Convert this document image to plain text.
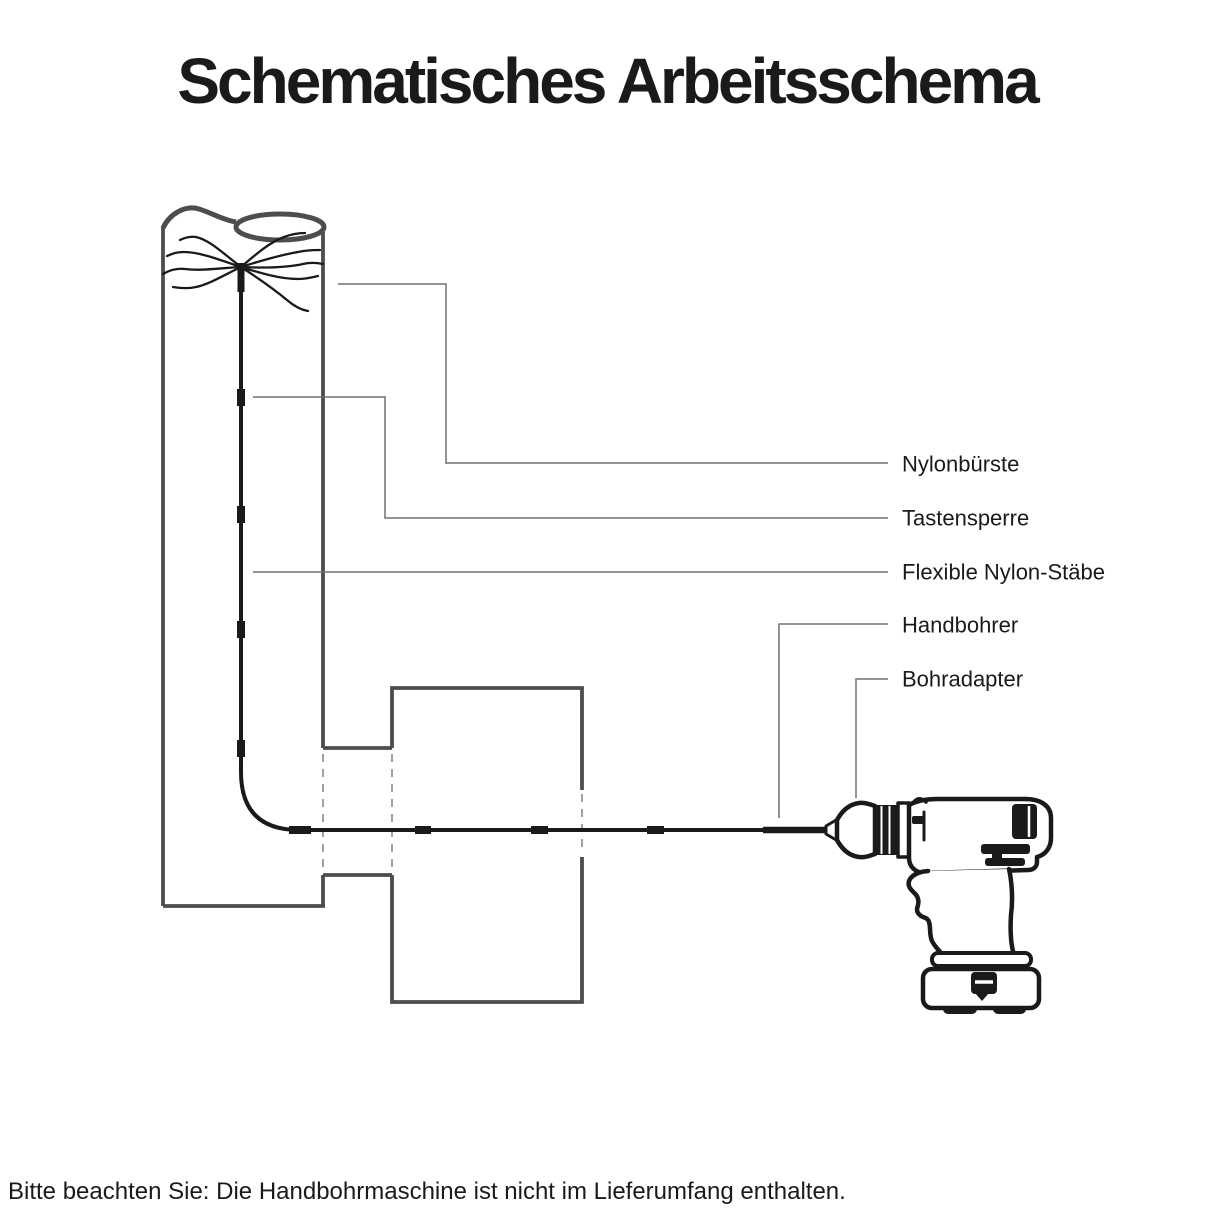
Schematisches Arbeitsschema
Nylonbürste
Tastensperre
Flexible Nylon-Stäbe
Handbohrer
Bohradapter
Bitte beachten Sie: Die Handbohrmaschine ist nicht im Lieferumfang enthalten.
